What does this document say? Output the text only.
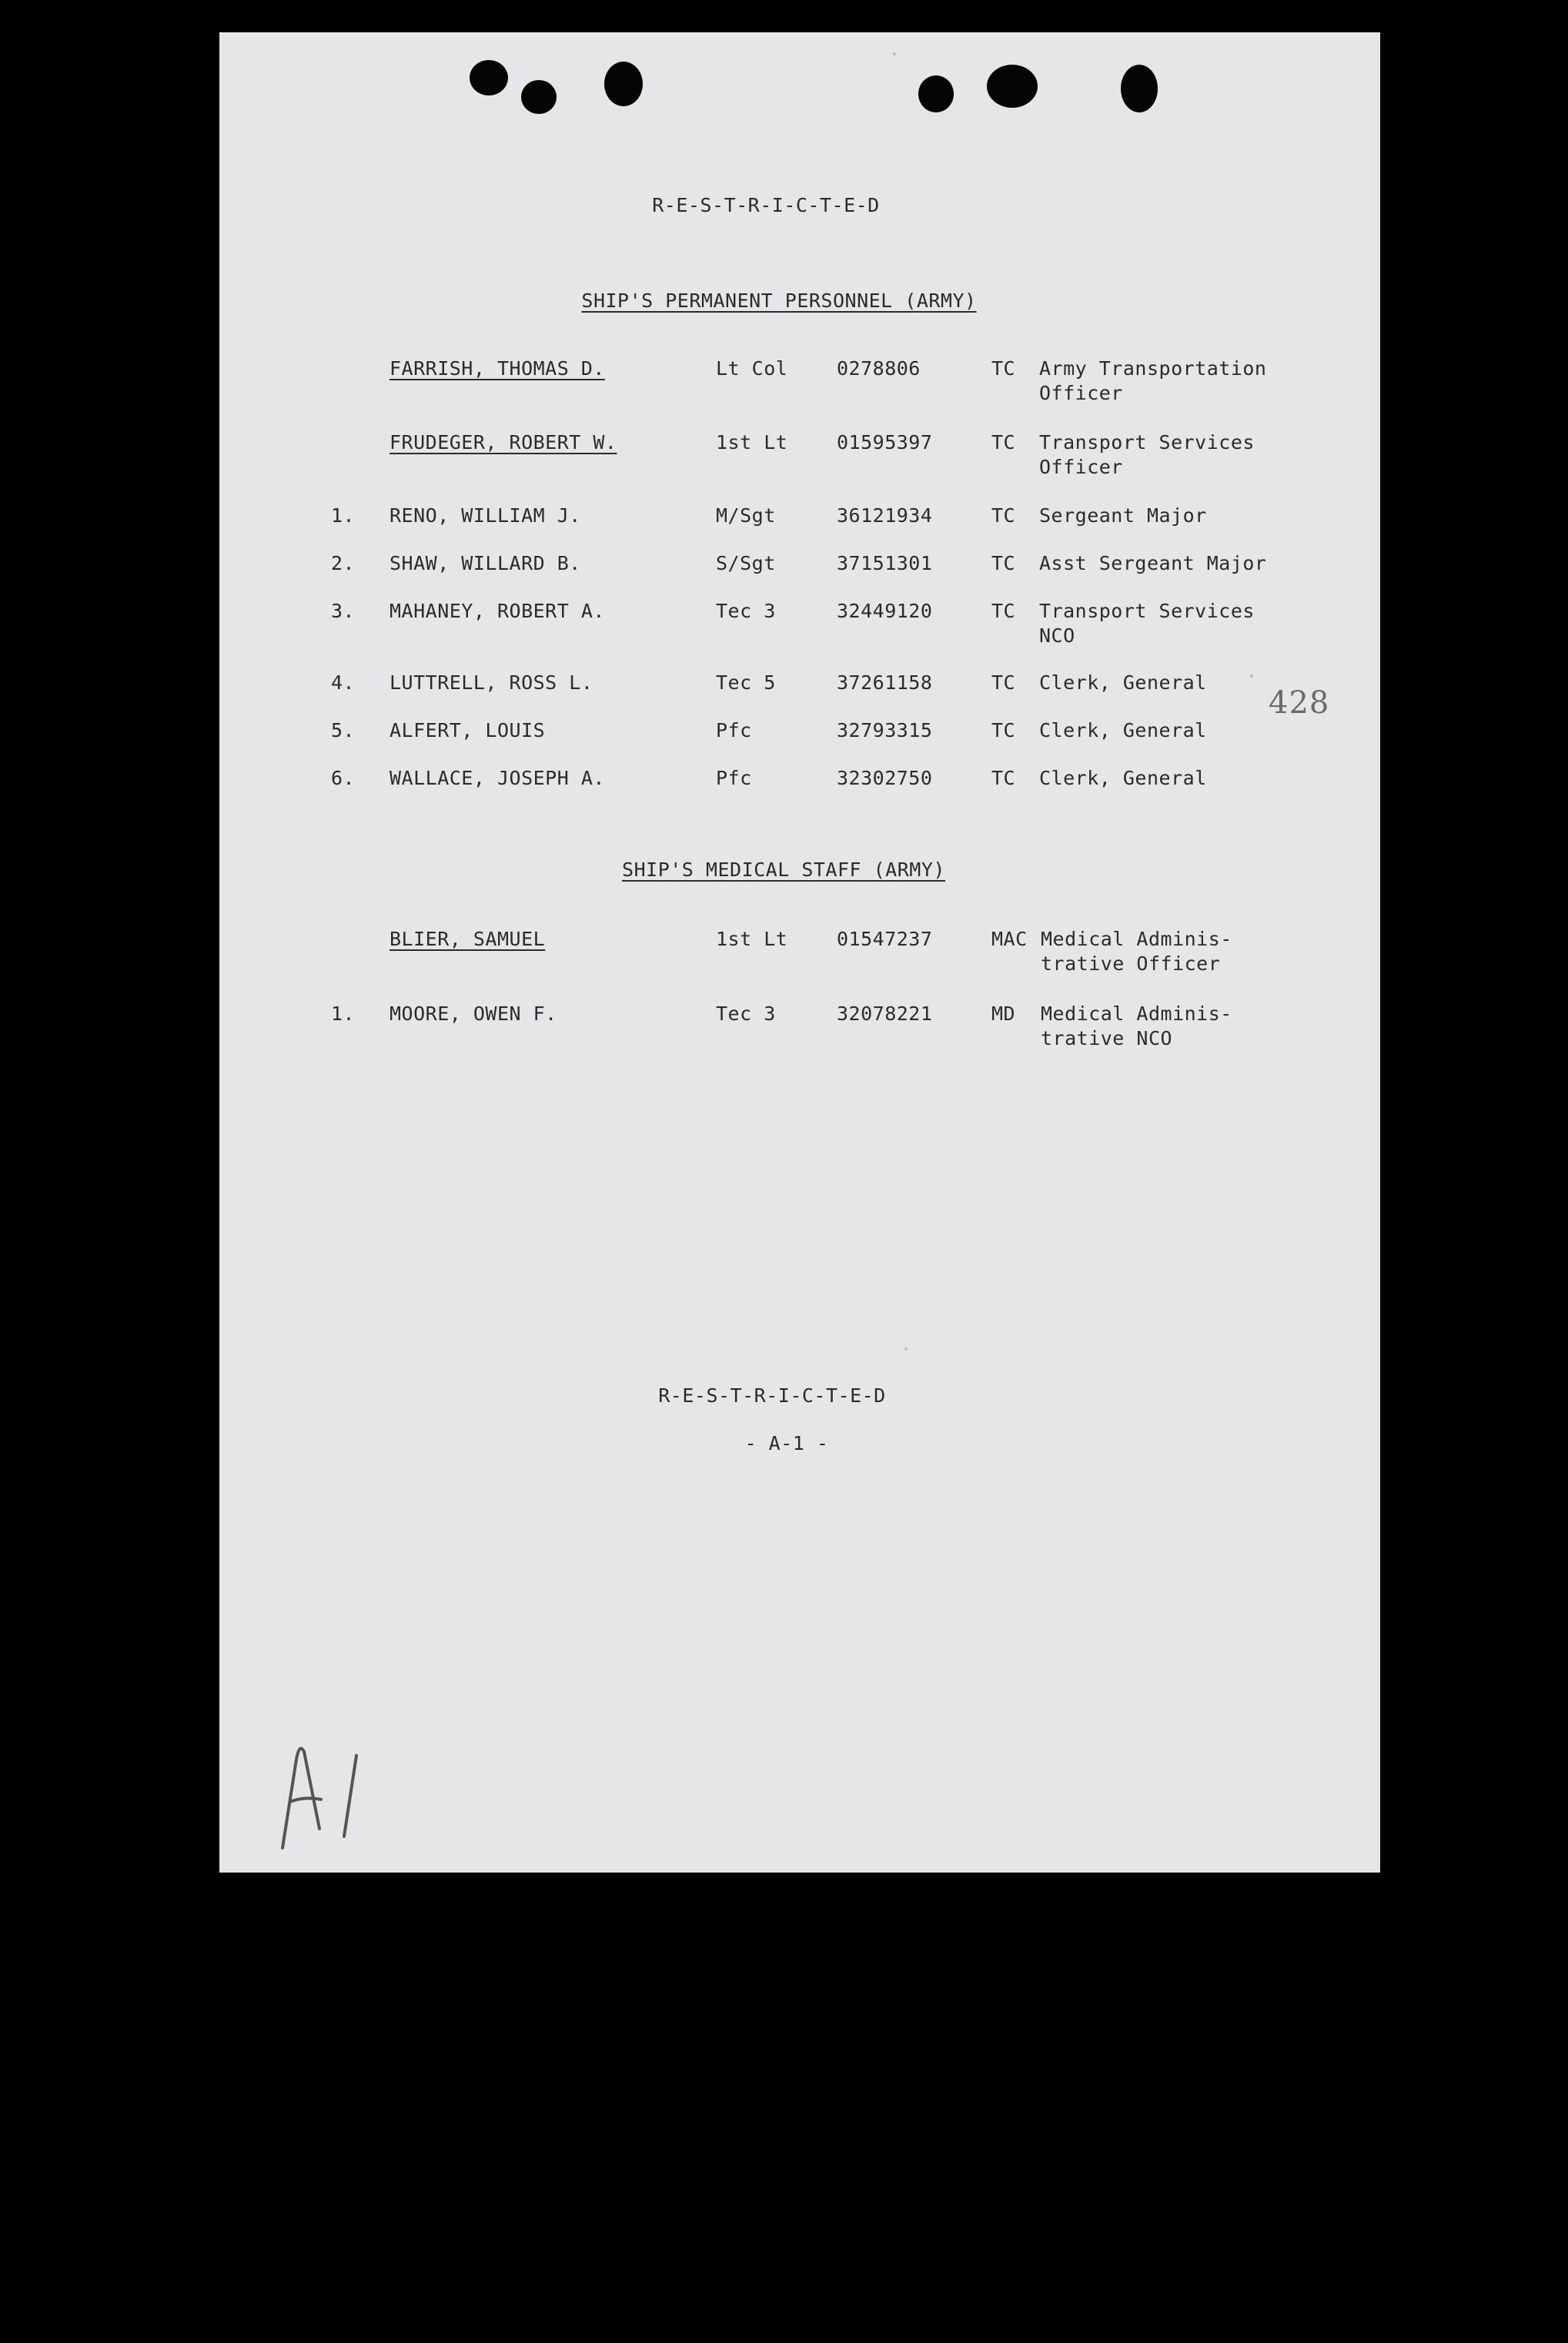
R-E-S-T-R-I-C-T-E-D
SHIP'S PERMANENT PERSONNEL (ARMY)
SHIP'S MEDICAL STAFF (ARMY)
FARRISH, THOMAS D.	Lt Col	0278806	TC Army Transportation
Officer
FRUDEGER, ROBERT W.	1st Lt	01595397	TC Transport Services
Officer
1. RENO, WILLIAM J.	M/Sgt	36121934	TC Sergeant Major
2. SHAW, WILLARD B.	S/Sgt	37151301	TC Asst Sergeant Major
3. MAHANEY, ROBERT A.	Tec 3	32449120	TC Transport Services
NCO
4. LUTTRELL, ROSS L.	Tec 5	37261158	TC Clerk, General
5. ALFERT, LOUIS	Pfc	32793315	TC Clerk, General
6. WALLACE, JOSEPH A.	Pfc	32302750	TC Clerk, General
BLIER, SAMUEL	1st Lt	01547237	MAC Medical Adminis-
trative Officer
1. MOORE, OWEN F.	Tec 3	32078221	MD Medical Adminis-
trative NCO
428
R-E-S-T-R-I-C-T-E-D
- A-1 -
